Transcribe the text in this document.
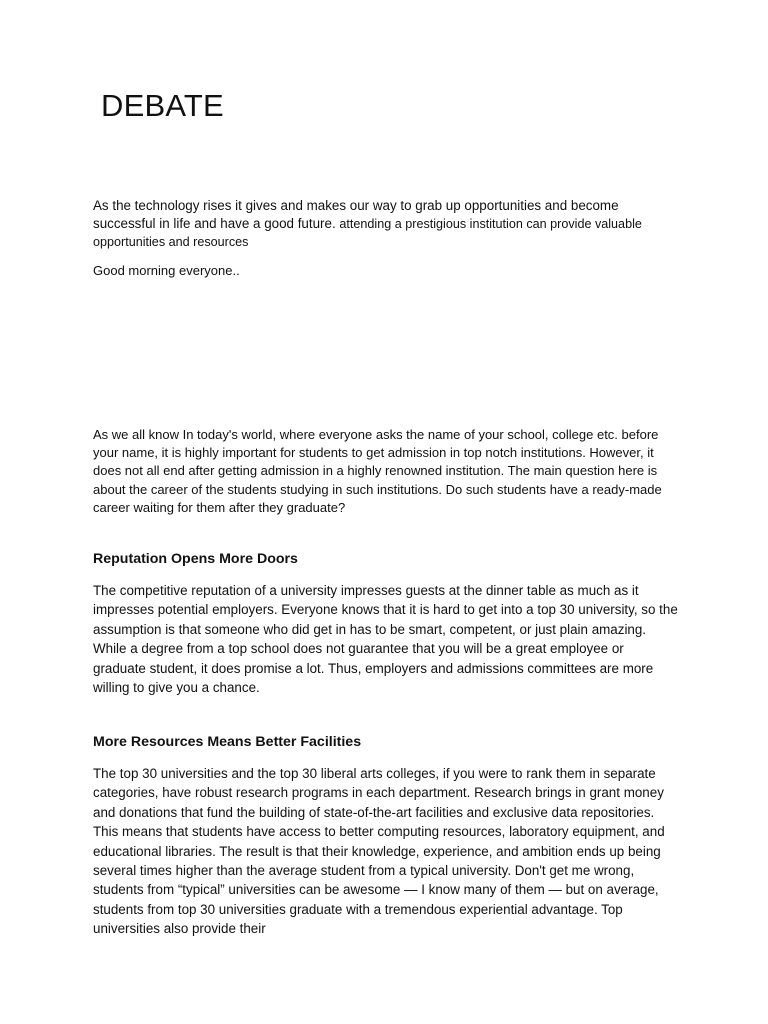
DEBATE

As the technology rises it gives and makes our way to grab up opportunities and become successful in life and have a good future. attending a prestigious institution can provide valuable opportunities and resources

Good morning everyone..

As we all know In today's world, where everyone asks the name of your school, college etc. before your name, it is highly important for students to get admission in top notch institutions. However, it does not all end after getting admission in a highly renowned institution. The main question here is about the career of the students studying in such institutions. Do such students have a ready-made career waiting for them after they graduate?

Reputation Opens More Doors

The competitive reputation of a university impresses guests at the dinner table as much as it impresses potential employers. Everyone knows that it is hard to get into a top 30 university, so the assumption is that someone who did get in has to be smart, competent, or just plain amazing. While a degree from a top school does not guarantee that you will be a great employee or graduate student, it does promise a lot. Thus, employers and admissions committees are more willing to give you a chance.

More Resources Means Better Facilities

The top 30 universities and the top 30 liberal arts colleges, if you were to rank them in separate categories, have robust research programs in each department. Research brings in grant money and donations that fund the building of state-of-the-art facilities and exclusive data repositories. This means that students have access to better computing resources, laboratory equipment, and educational libraries. The result is that their knowledge, experience, and ambition ends up being several times higher than the average student from a typical university. Don't get me wrong, students from “typical” universities can be awesome — I know many of them — but on average, students from top 30 universities graduate with a tremendous experiential advantage. Top universities also provide their
